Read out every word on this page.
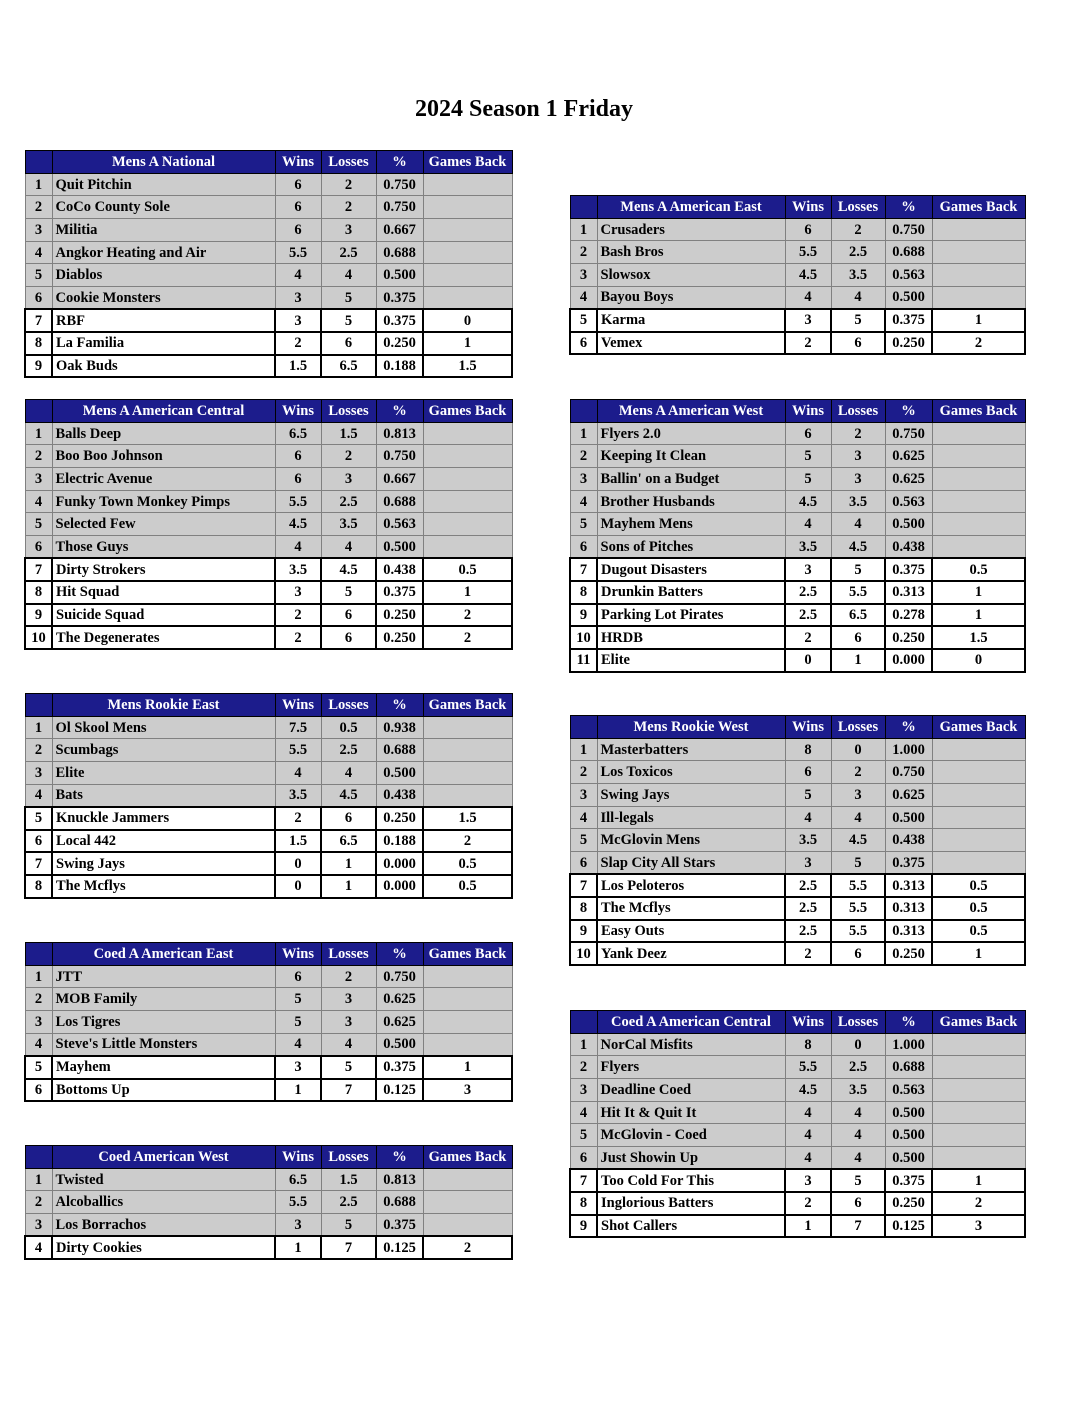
2024 Season 1 Friday
	Mens A National	Wins	Losses	%	Games Back
1	Quit Pitchin	6	2	0.750	
2	CoCo County Sole	6	2	0.750	
3	Militia	6	3	0.667	
4	Angkor Heating and Air	5.5	2.5	0.688	
5	Diablos	4	4	0.500	
6	Cookie Monsters	3	5	0.375	
7	RBF	3	5	0.375	0
8	La Familia	2	6	0.250	1
9	Oak Buds	1.5	6.5	0.188	1.5
	Mens A American East	Wins	Losses	%	Games Back
1	Crusaders	6	2	0.750	
2	Bash Bros	5.5	2.5	0.688	
3	Slowsox	4.5	3.5	0.563	
4	Bayou Boys	4	4	0.500	
5	Karma	3	5	0.375	1
6	Vemex	2	6	0.250	2
	Mens A American Central	Wins	Losses	%	Games Back
1	Balls Deep	6.5	1.5	0.813	
2	Boo Boo Johnson	6	2	0.750	
3	Electric Avenue	6	3	0.667	
4	Funky Town Monkey Pimps	5.5	2.5	0.688	
5	Selected Few	4.5	3.5	0.563	
6	Those Guys	4	4	0.500	
7	Dirty Strokers	3.5	4.5	0.438	0.5
8	Hit Squad	3	5	0.375	1
9	Suicide Squad	2	6	0.250	2
10	The Degenerates	2	6	0.250	2
	Mens A American West	Wins	Losses	%	Games Back
1	Flyers 2.0	6	2	0.750	
2	Keeping It Clean	5	3	0.625	
3	Ballin' on a Budget	5	3	0.625	
4	Brother Husbands	4.5	3.5	0.563	
5	Mayhem Mens	4	4	0.500	
6	Sons of Pitches	3.5	4.5	0.438	
7	Dugout Disasters	3	5	0.375	0.5
8	Drunkin Batters	2.5	5.5	0.313	1
9	Parking Lot Pirates	2.5	6.5	0.278	1
10	HRDB	2	6	0.250	1.5
11	Elite	0	1	0.000	0
	Mens Rookie East	Wins	Losses	%	Games Back
1	Ol Skool Mens	7.5	0.5	0.938	
2	Scumbags	5.5	2.5	0.688	
3	Elite	4	4	0.500	
4	Bats	3.5	4.5	0.438	
5	Knuckle Jammers	2	6	0.250	1.5
6	Local 442	1.5	6.5	0.188	2
7	Swing Jays	0	1	0.000	0.5
8	The Mcflys	0	1	0.000	0.5
	Mens Rookie West	Wins	Losses	%	Games Back
1	Masterbatters	8	0	1.000	
2	Los Toxicos	6	2	0.750	
3	Swing Jays	5	3	0.625	
4	Ill-legals	4	4	0.500	
5	McGlovin Mens	3.5	4.5	0.438	
6	Slap City All Stars	3	5	0.375	
7	Los Peloteros	2.5	5.5	0.313	0.5
8	The Mcflys	2.5	5.5	0.313	0.5
9	Easy Outs	2.5	5.5	0.313	0.5
10	Yank Deez	2	6	0.250	1
	Coed A American East	Wins	Losses	%	Games Back
1	JTT	6	2	0.750	
2	MOB Family	5	3	0.625	
3	Los Tigres	5	3	0.625	
4	Steve's Little Monsters	4	4	0.500	
5	Mayhem	3	5	0.375	1
6	Bottoms Up	1	7	0.125	3
	Coed A American Central	Wins	Losses	%	Games Back
1	NorCal Misfits	8	0	1.000	
2	Flyers	5.5	2.5	0.688	
3	Deadline Coed	4.5	3.5	0.563	
4	Hit It & Quit It	4	4	0.500	
5	McGlovin - Coed	4	4	0.500	
6	Just Showin Up	4	4	0.500	
7	Too Cold For This	3	5	0.375	1
8	Inglorious Batters	2	6	0.250	2
9	Shot Callers	1	7	0.125	3
	Coed American West	Wins	Losses	%	Games Back
1	Twisted	6.5	1.5	0.813	
2	Alcoballics	5.5	2.5	0.688	
3	Los Borrachos	3	5	0.375	
4	Dirty Cookies	1	7	0.125	2
